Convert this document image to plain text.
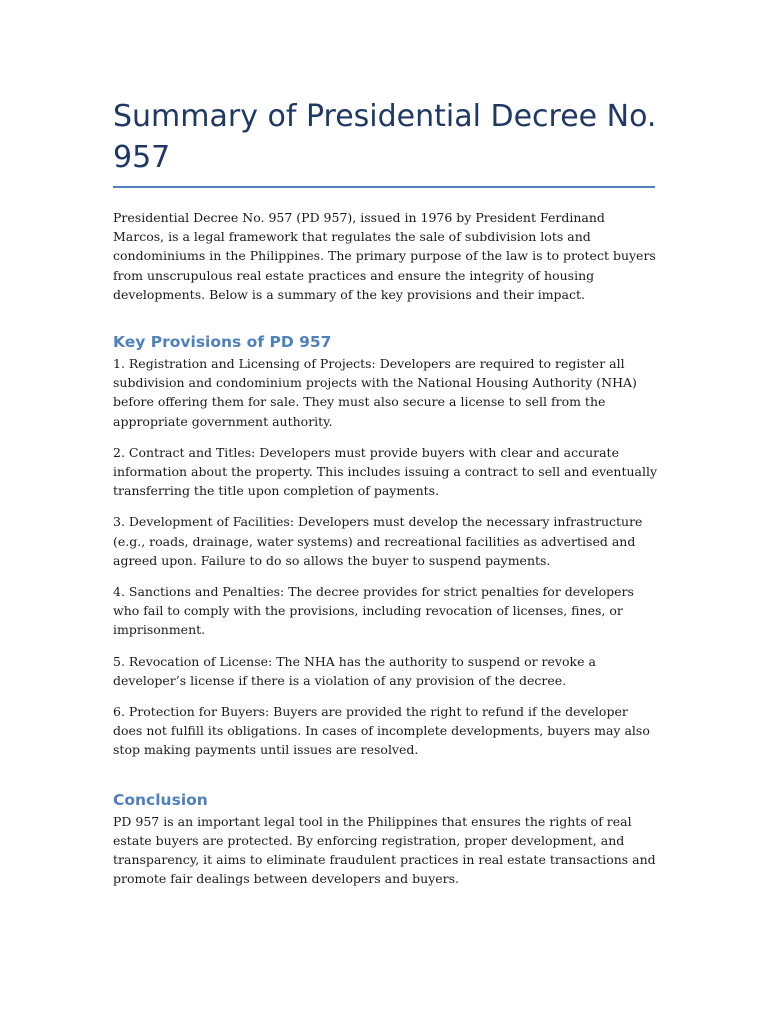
Summary of Presidential Decree No. 957

Presidential Decree No. 957 (PD 957), issued in 1976 by President Ferdinand Marcos, is a legal framework that regulates the sale of subdivision lots and condominiums in the Philippines. The primary purpose of the law is to protect buyers from unscrupulous real estate practices and ensure the integrity of housing developments. Below is a summary of the key provisions and their impact.

Key Provisions of PD 957

1. Registration and Licensing of Projects: Developers are required to register all subdivision and condominium projects with the National Housing Authority (NHA) before offering them for sale. They must also secure a license to sell from the appropriate government authority.

2. Contract and Titles: Developers must provide buyers with clear and accurate information about the property. This includes issuing a contract to sell and eventually transferring the title upon completion of payments.

3. Development of Facilities: Developers must develop the necessary infrastructure (e.g., roads, drainage, water systems) and recreational facilities as advertised and agreed upon. Failure to do so allows the buyer to suspend payments.

4. Sanctions and Penalties: The decree provides for strict penalties for developers who fail to comply with the provisions, including revocation of licenses, fines, or imprisonment.

5. Revocation of License: The NHA has the authority to suspend or revoke a developer’s license if there is a violation of any provision of the decree.

6. Protection for Buyers: Buyers are provided the right to refund if the developer does not fulfill its obligations. In cases of incomplete developments, buyers may also stop making payments until issues are resolved.

Conclusion

PD 957 is an important legal tool in the Philippines that ensures the rights of real estate buyers are protected. By enforcing registration, proper development, and transparency, it aims to eliminate fraudulent practices in real estate transactions and promote fair dealings between developers and buyers.
